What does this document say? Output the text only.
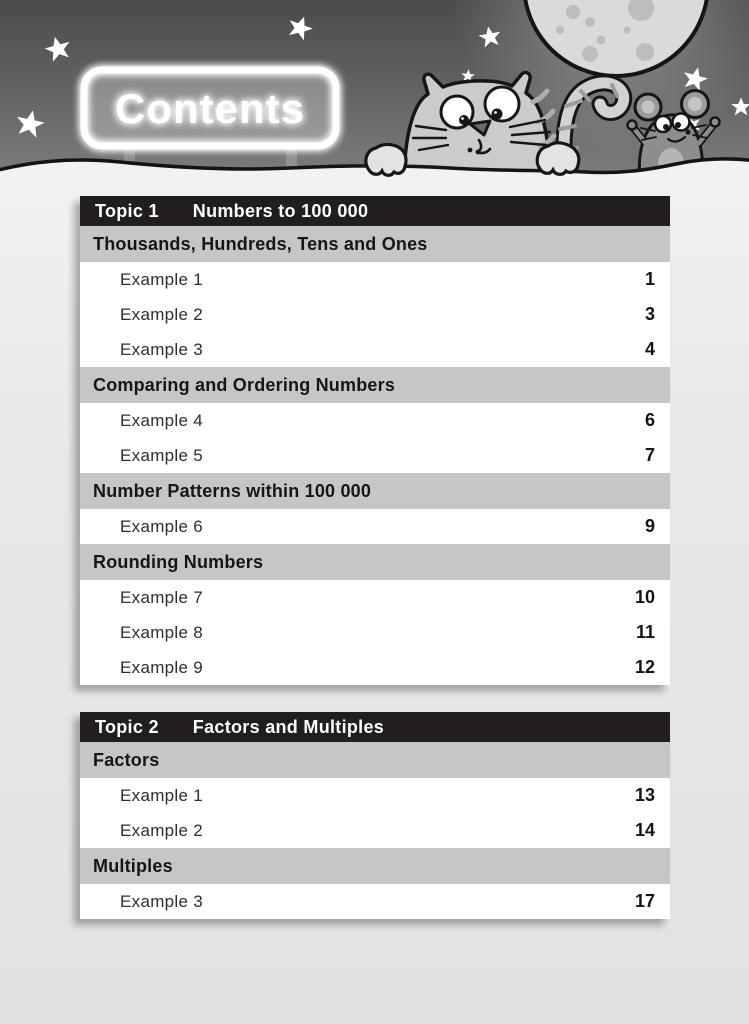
Contents
Topic 1 Numbers to 100 000
Thousands, Hundreds, Tens and Ones
Example 1	1
Example 2	3
Example 3	4
Comparing and Ordering Numbers
Example 4	6
Example 5	7
Number Patterns within 100 000
Example 6	9
Rounding Numbers
Example 7	10
Example 8	11
Example 9	12
Topic 2 Factors and Multiples
Factors
Example 1	13
Example 2	14
Multiples
Example 3	17
